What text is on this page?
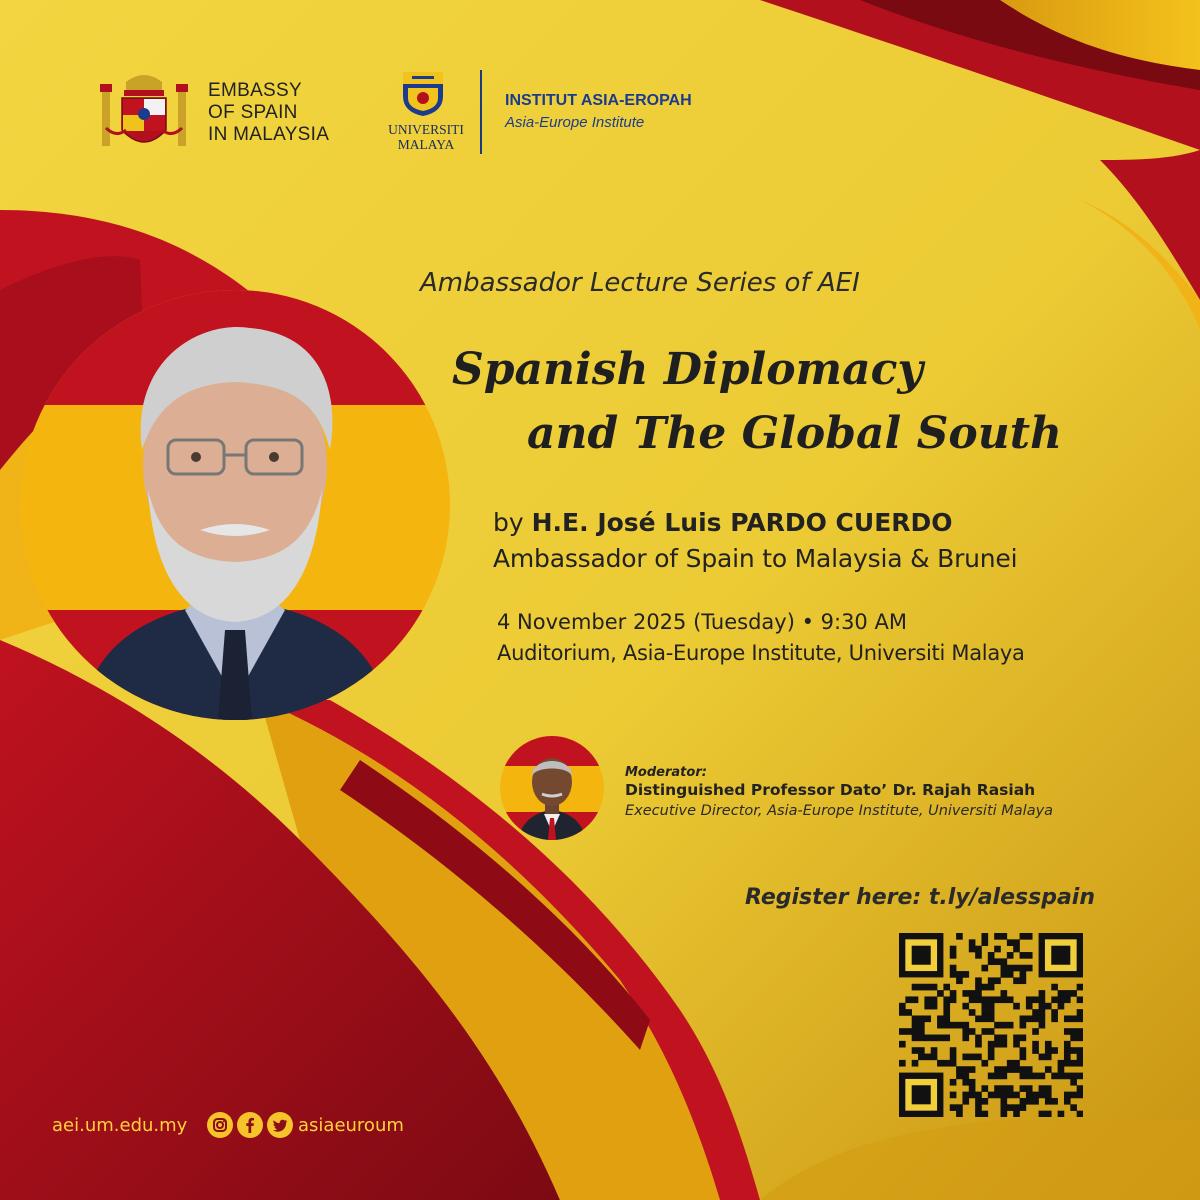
EMBASSY
OF SPAIN
IN MALAYSIA	UNIVERSITI
MALAYA
INSTITUT ASIA-EROPAH
Asia-Europe Institute
Ambassador Lecture Series of AEI
Spanish Diplomacy
and The Global South
by H.E. José Luis PARDO CUERDO
Ambassador of Spain to Malaysia & Brunei
4 November 2025 (Tuesday) • 9:30 AM
Auditorium, Asia-Europe Institute, Universiti Malaya
Moderator:
Distinguished Professor Dato’ Dr. Rajah Rasiah
Executive Director, Asia-Europe Institute, Universiti Malaya
Register here: t.ly/alesspain
aei.um.edu.my	asiaeuroum
